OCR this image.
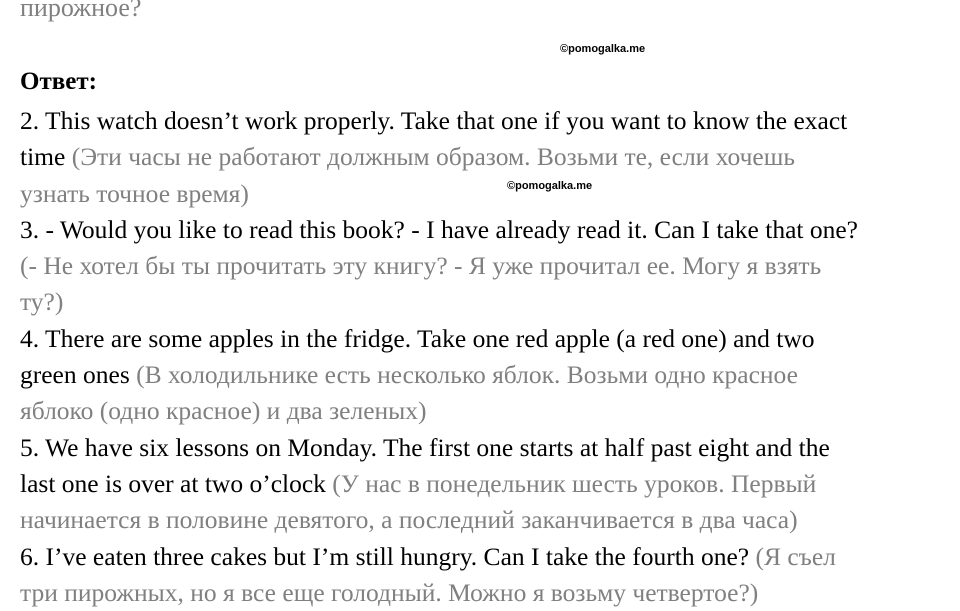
пирожное?
©pomogalka.me
Ответ:
©pomogalka.me
2. This watch doesn’t work properly. Take that one if you want to know the exact
time (Эти часы не работают должным образом. Возьми те, если хочешь
узнать точное время)
3. - Would you like to read this book? - I have already read it. Can I take that one?
(- Не хотел бы ты прочитать эту книгу? - Я уже прочитал ее. Могу я взять
ту?)
4. There are some apples in the fridge. Take one red apple (a red one) and two
green ones (В холодильнике есть несколько яблок. Возьми одно красное
яблоко (одно красное) и два зеленых)
5. We have six lessons on Monday. The first one starts at half past eight and the
last one is over at two o’clock (У нас в понедельник шесть уроков. Первый
начинается в половине девятого, а последний заканчивается в два часа)
6. I’ve eaten three cakes but I’m still hungry. Can I take the fourth one? (Я съел
три пирожных, но я все еще голодный. Можно я возьму четвертое?)
